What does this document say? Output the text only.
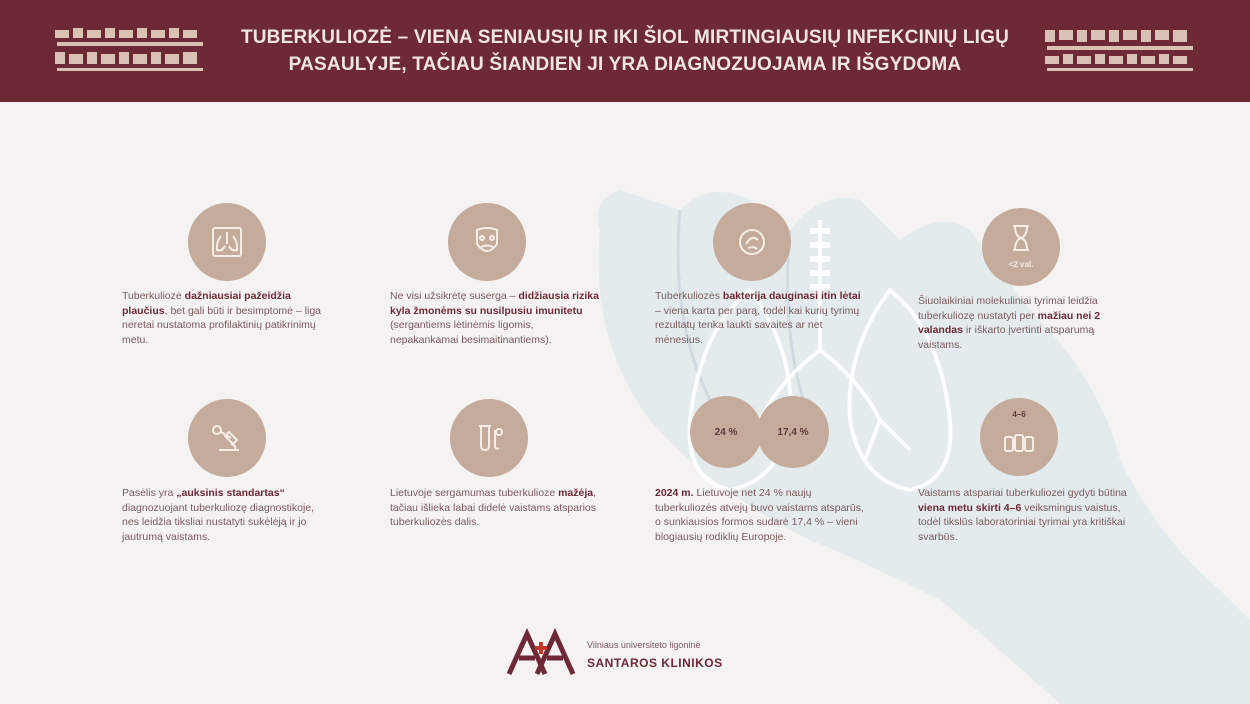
TUBERKULIOZĖ – VIENA SENIAUSIŲ IR IKI ŠIOL MIRTINGIAUSIŲ INFEKCINIŲ LIGŲ
PASAULYJE, TAČIAU ŠIANDIEN JI YRA DIAGNOZUOJAMA IR IŠGYDOMA
Tuberkuliozė dažniausiai pažeidžia plaučius, bet gali būti ir besimptomė – liga neretai nustatoma profilaktinių patikrinimų metu.
Ne visi užsikrėtę suserga – didžiausia rizika kyla žmonėms su nusilpusiu imunitetu (sergantiems lėtinėmis ligomis, nepakankamai besimaitinantiems).
Tuberkuliozės bakterija dauginasi itin lėtai – viena karta per parą, todėl kai kurių tyrimų rezultatų tenka laukti savaites ar net mėnesius.
<2 val.
Šiuolaikiniai molekuliniai tyrimai leidžia tuberkuliozę nustatyti per mažiau nei 2 valandas ir iškarto įvertinti atsparumą vaistams.
Pasėlis yra „auksinis standartas“ diagnozuojant tuberkuliozę diagnostikoje, nes leidžia tiksliai nustatyti sukėlėją ir jo jautrumą vaistams.
Lietuvoje sergamumas tuberkulioze mažėja, tačiau išlieka labai didelė vaistams atsparios tuberkuliozės dalis.
24 %	17,4 %
2024 m. Lietuvoje net 24 % naujų tuberkuliozės atvejų buvo vaistams atsparūs, o sunkiausios formos sudarė 17,4 % – vieni blogiausių rodiklių Europoje.
4–6
Vaistams atspariai tuberkuliozei gydyti būtina viena metu skirti 4–6 veiksmingus vaistus, todėl tikslūs laboratoriniai tyrimai yra kritiškai svarbūs.
Vilniaus universiteto ligoninė
SANTAROS KLINIKOS
